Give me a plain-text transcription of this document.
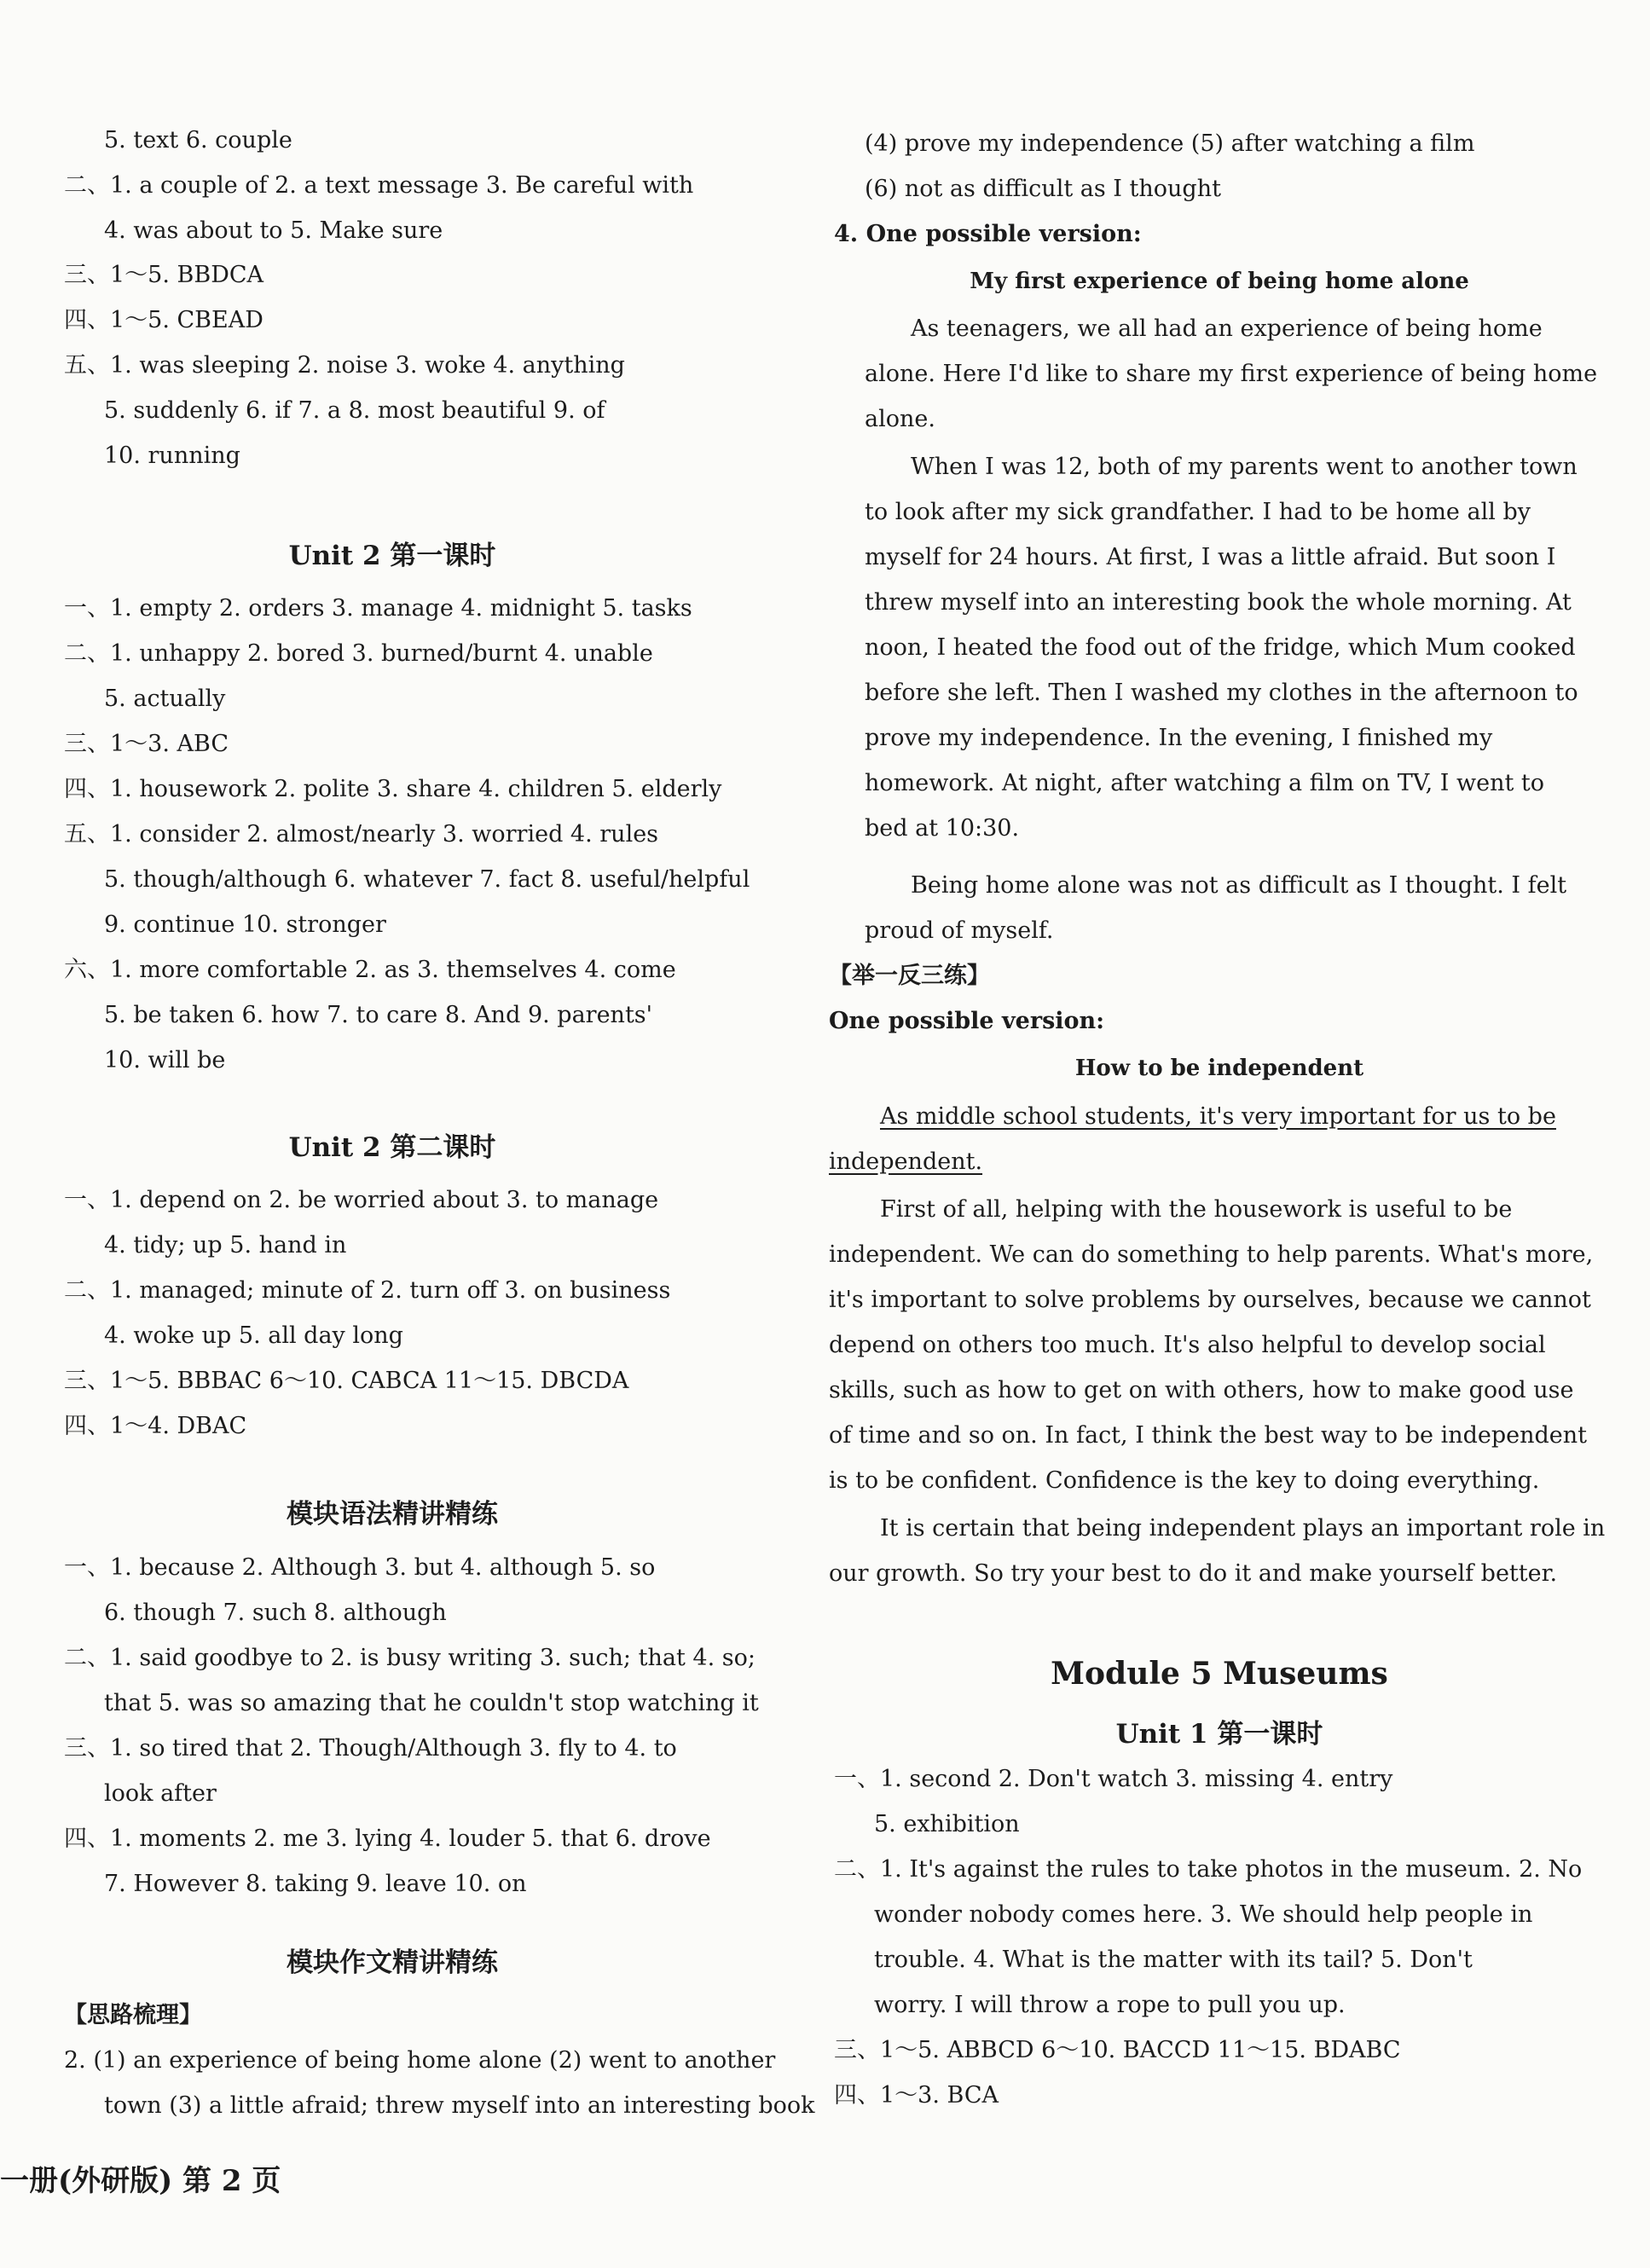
Unit 2 第一课时
Unit 2 第二课时
模块语法精讲精练
模块作文精讲精练
5. text 6. couple
二、1. a couple of 2. a text message 3. Be careful with
4. was about to 5. Make sure
三、1～5. BBDCA
四、1～5. CBEAD
五、1. was sleeping 2. noise 3. woke 4. anything
5. suddenly 6. if 7. a 8. most beautiful 9. of
10. running
一、1. empty 2. orders 3. manage 4. midnight 5. tasks
二、1. unhappy 2. bored 3. burned/burnt 4. unable
5. actually
三、1～3. ABC
四、1. housework 2. polite 3. share 4. children 5. elderly
五、1. consider 2. almost/nearly 3. worried 4. rules
5. though/although 6. whatever 7. fact 8. useful/helpful
9. continue 10. stronger
六、1. more comfortable 2. as 3. themselves 4. come
5. be taken 6. how 7. to care 8. And 9. parents'
10. will be
一、1. depend on 2. be worried about 3. to manage
4. tidy; up 5. hand in
二、1. managed; minute of 2. turn off 3. on business
4. woke up 5. all day long
三、1～5. BBBAC 6～10. CABCA 11～15. DBCDA
四、1～4. DBAC
一、1. because 2. Although 3. but 4. although 5. so
6. though 7. such 8. although
二、1. said goodbye to 2. is busy writing 3. such; that 4. so;
that 5. was so amazing that he couldn't stop watching it
三、1. so tired that 2. Though/Although 3. fly to 4. to
look after
四、1. moments 2. me 3. lying 4. louder 5. that 6. drove
7. However 8. taking 9. leave 10. on
【思路梳理】
2. (1) an experience of being home alone (2) went to another
town (3) a little afraid; threw myself into an interesting book
My first experience of being home alone
How to be independent
Module 5 Museums
Unit 1 第一课时
(4) prove my independence (5) after watching a film
(6) not as difficult as I thought
4. One possible version:
As teenagers, we all had an experience of being home
alone. Here I'd like to share my first experience of being home
alone.
When I was 12, both of my parents went to another town
to look after my sick grandfather. I had to be home all by
myself for 24 hours. At first, I was a little afraid. But soon I
threw myself into an interesting book the whole morning. At
noon, I heated the food out of the fridge, which Mum cooked
before she left. Then I washed my clothes in the afternoon to
prove my independence. In the evening, I finished my
homework. At night, after watching a film on TV, I went to
bed at 10:30.
Being home alone was not as difficult as I thought. I felt
proud of myself.
【举一反三练】
One possible version:
As middle school students, it's very important for us to be
independent.
First of all, helping with the housework is useful to be
independent. We can do something to help parents. What's more,
it's important to solve problems by ourselves, because we cannot
depend on others too much. It's also helpful to develop social
skills, such as how to get on with others, how to make good use
of time and so on. In fact, I think the best way to be independent
is to be confident. Confidence is the key to doing everything.
It is certain that being independent plays an important role in
our growth. So try your best to do it and make yourself better.
一、1. second 2. Don't watch 3. missing 4. entry
5. exhibition
二、1. It's against the rules to take photos in the museum. 2. No
wonder nobody comes here. 3. We should help people in
trouble. 4. What is the matter with its tail? 5. Don't
worry. I will throw a rope to pull you up.
三、1～5. ABBCD 6～10. BACCD 11～15. BDABC
四、1～3. BCA
一册(外研版) 第 2 页
